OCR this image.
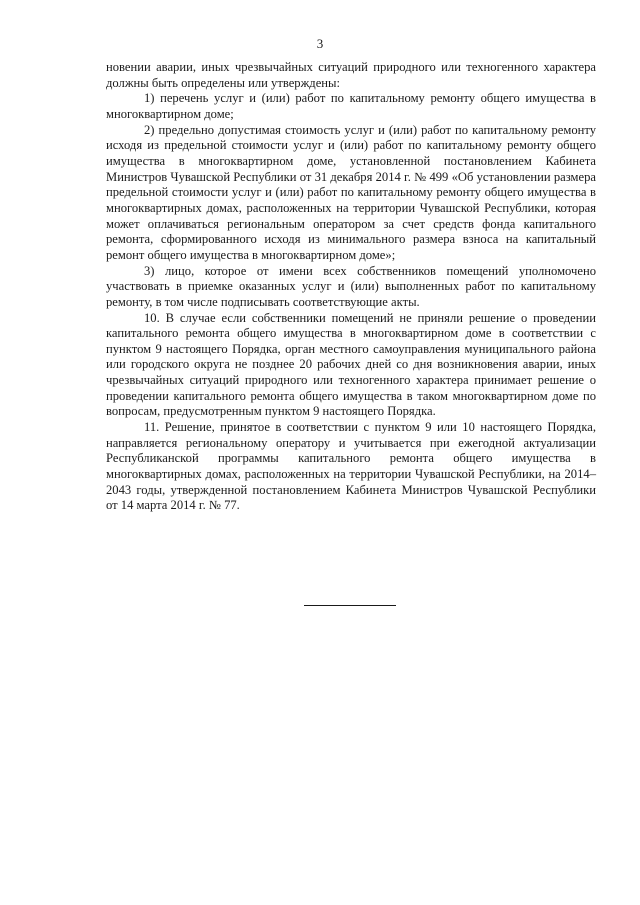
3

новении аварии, иных чрезвычайных ситуаций природного или техногенного характера должны быть определены или утверждены:

1) перечень услуг и (или) работ по капитальному ремонту общего имущества в многоквартирном доме;

2) предельно допустимая стоимость услуг и (или) работ по капитальному ремонту исходя из предельной стоимости услуг и (или) работ по капитальному ремонту общего имущества в многоквартирном доме, установленной постановлением Кабинета Министров Чувашской Республики от 31 декабря 2014 г. № 499 «Об установлении размера предельной стоимости услуг и (или) работ по капитальному ремонту общего имущества в многоквартирных домах, расположенных на территории Чувашской Республики, которая может оплачиваться региональным оператором за счет средств фонда капитального ремонта, сформированного исходя из минимального размера взноса на капитальный ремонт общего имущества в многоквартирном доме»;

3) лицо, которое от имени всех собственников помещений уполномочено участвовать в приемке оказанных услуг и (или) выполненных работ по капитальному ремонту, в том числе подписывать соответствующие акты.

10. В случае если собственники помещений не приняли решение о проведении капитального ремонта общего имущества в многоквартирном доме в соответствии с пунктом 9 настоящего Порядка, орган местного самоуправления муниципального района или городского округа не позднее 20 рабочих дней со дня возникновения аварии, иных чрезвычайных ситуаций природного или техногенного характера принимает решение о проведении капитального ремонта общего имущества в таком многоквартирном доме по вопросам, предусмотренным пунктом 9 настоящего Порядка.

11. Решение, принятое в соответствии с пунктом 9 или 10 настоящего Порядка, направляется региональному оператору и учитывается при ежегодной актуализации Республиканской программы капитального ремонта общего имущества в многоквартирных домах, расположенных на территории Чувашской Республики, на 2014–2043 годы, утвержденной постановлением Кабинета Министров Чувашской Республики от 14 марта 2014 г. № 77.
